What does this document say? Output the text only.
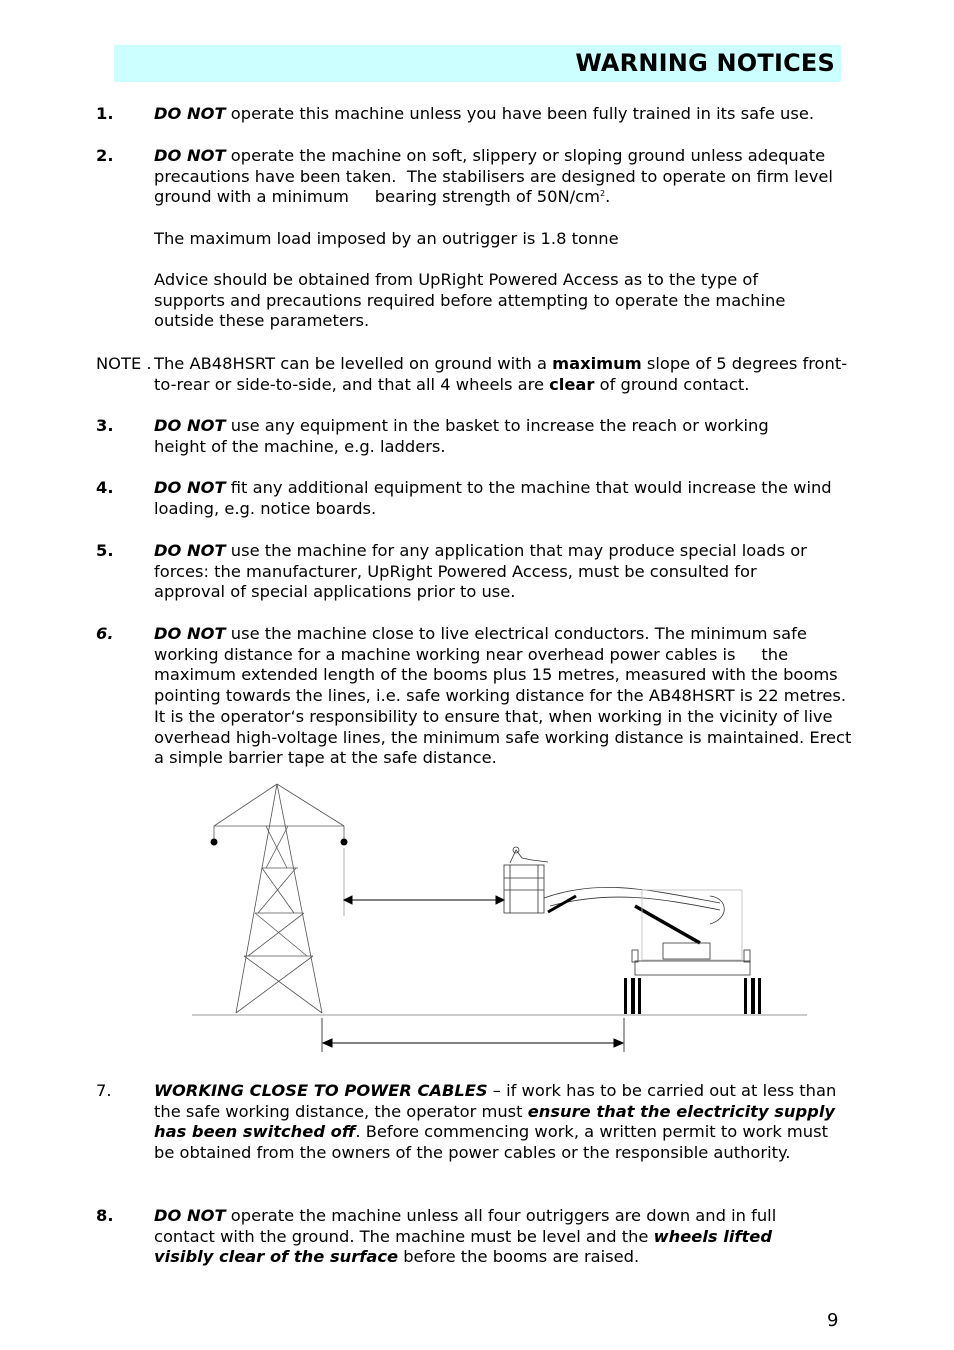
WARNING NOTICES
1. DO NOT operate this machine unless you have been fully trained in its safe use.
2. DO NOT operate the machine on soft, slippery or sloping ground unless adequate precautions have been taken.  The stabilisers are designed to operate on firm level ground with a minimum     bearing strength of $50N/cm^2$.
The maximum load imposed by an outrigger is 1.8 tonne
Advice should be obtained from UpRight Powered Access as to the type of supports and precautions required before attempting to operate the machine outside these parameters.
NOTE . The AB48HSRT can be levelled on ground with a maximum slope of 5 degrees front-to-rear or side-to-side, and that all 4 wheels are clear of ground contact.
3. DO NOT use any equipment in the basket to increase the reach or working height of the machine, e.g. ladders.
4. DO NOT fit any additional equipment to the machine that would increase the wind loading, e.g. notice boards.
5. DO NOT use the machine for any application that may produce special loads or forces: the manufacturer, UpRight Powered Access, must be consulted for approval of special applications prior to use.
6. DO NOT use the machine close to live electrical conductors. The minimum safe working distance for a machine working near overhead power cables is     the maximum extended length of the booms plus 15 metres, measured with the booms pointing towards the lines, i.e. safe working distance for the AB48HSRT is 22 metres. It is the operator‘s responsibility to ensure that, when working in the vicinity of live overhead high-voltage lines, the minimum safe working distance is maintained. Erect a simple barrier tape at the safe distance.
7.	WORKING CLOSE TO POWER CABLES – if work has to be carried out at less than the safe working distance, the operator must ensure that the electricity supply has been switched off. Before commencing work, a written permit to work must be obtained from the owners of the power cables or the responsible authority.
8. DO NOT operate the machine unless all four outriggers are down and in full contact with the ground. The machine must be level and the wheels lifted visibly clear of the surface before the booms are raised.
9
